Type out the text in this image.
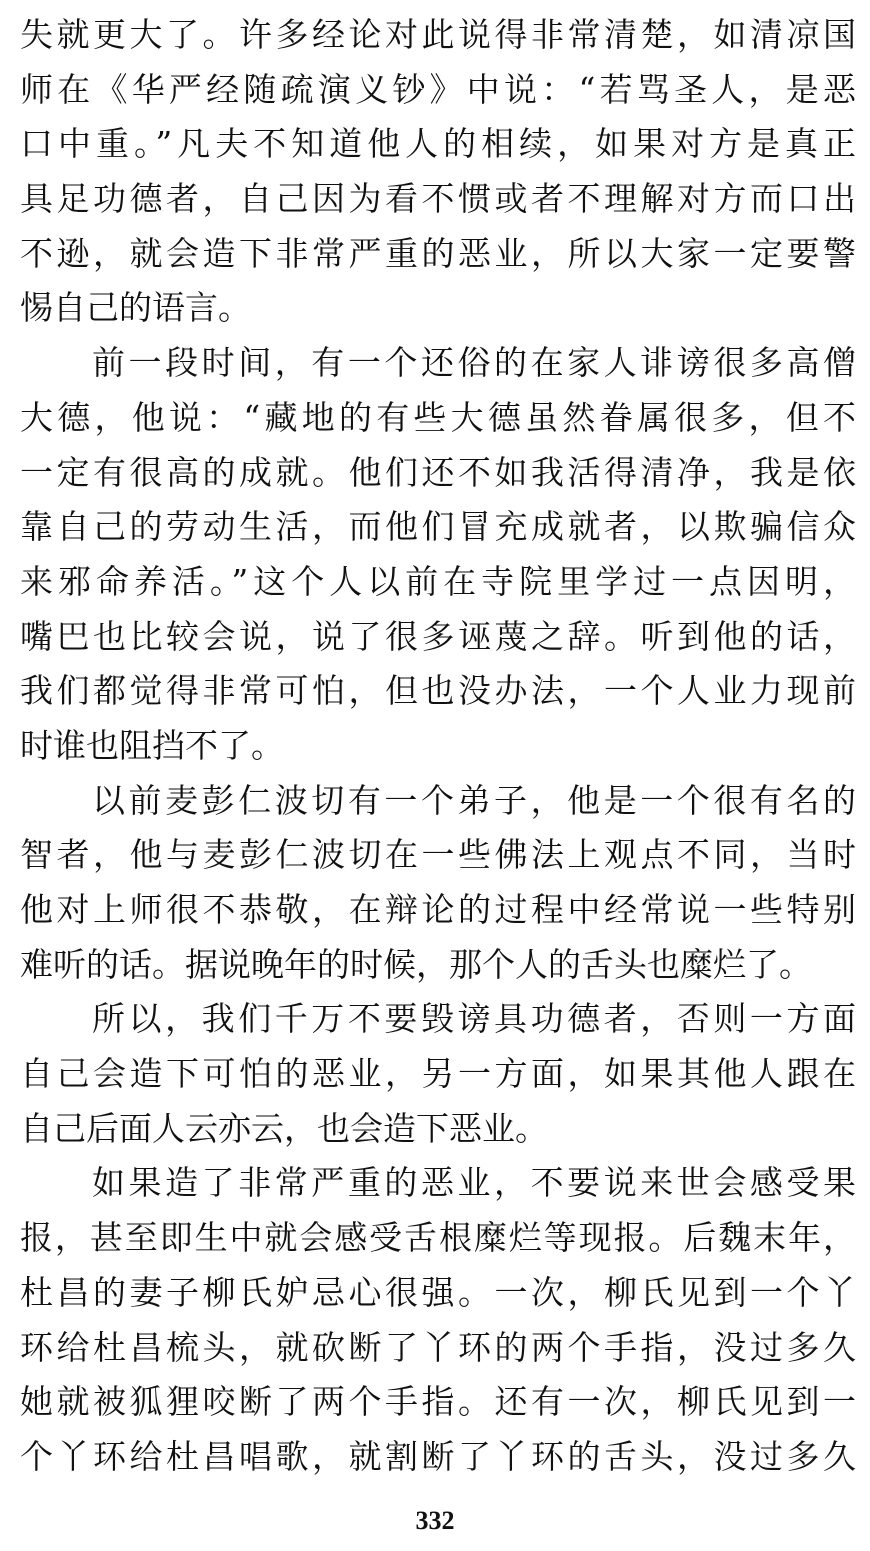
失就更大了。许多经论对此说得非常清楚，如清凉国
师在《华严经随疏演义钞》中说：“若骂圣人，是恶
口中重。”凡夫不知道他人的相续，如果对方是真正
具足功德者，自己因为看不惯或者不理解对方而口出
不逊，就会造下非常严重的恶业，所以大家一定要警
惕自己的语言。
前一段时间，有一个还俗的在家人诽谤很多高僧
大德，他说：“藏地的有些大德虽然眷属很多，但不
一定有很高的成就。他们还不如我活得清净，我是依
靠自己的劳动生活，而他们冒充成就者，以欺骗信众
来邪命养活。”这个人以前在寺院里学过一点因明，
嘴巴也比较会说，说了很多诬蔑之辞。听到他的话，
我们都觉得非常可怕，但也没办法，一个人业力现前
时谁也阻挡不了。
以前麦彭仁波切有一个弟子，他是一个很有名的
智者，他与麦彭仁波切在一些佛法上观点不同，当时
他对上师很不恭敬，在辩论的过程中经常说一些特别
难听的话。据说晚年的时候，那个人的舌头也糜烂了。
所以，我们千万不要毁谤具功德者，否则一方面
自己会造下可怕的恶业，另一方面，如果其他人跟在
自己后面人云亦云，也会造下恶业。
如果造了非常严重的恶业，不要说来世会感受果
报，甚至即生中就会感受舌根糜烂等现报。后魏末年，
杜昌的妻子柳氏妒忌心很强。一次，柳氏见到一个丫
环给杜昌梳头，就砍断了丫环的两个手指，没过多久
她就被狐狸咬断了两个手指。还有一次，柳氏见到一
个丫环给杜昌唱歌，就割断了丫环的舌头，没过多久
332
